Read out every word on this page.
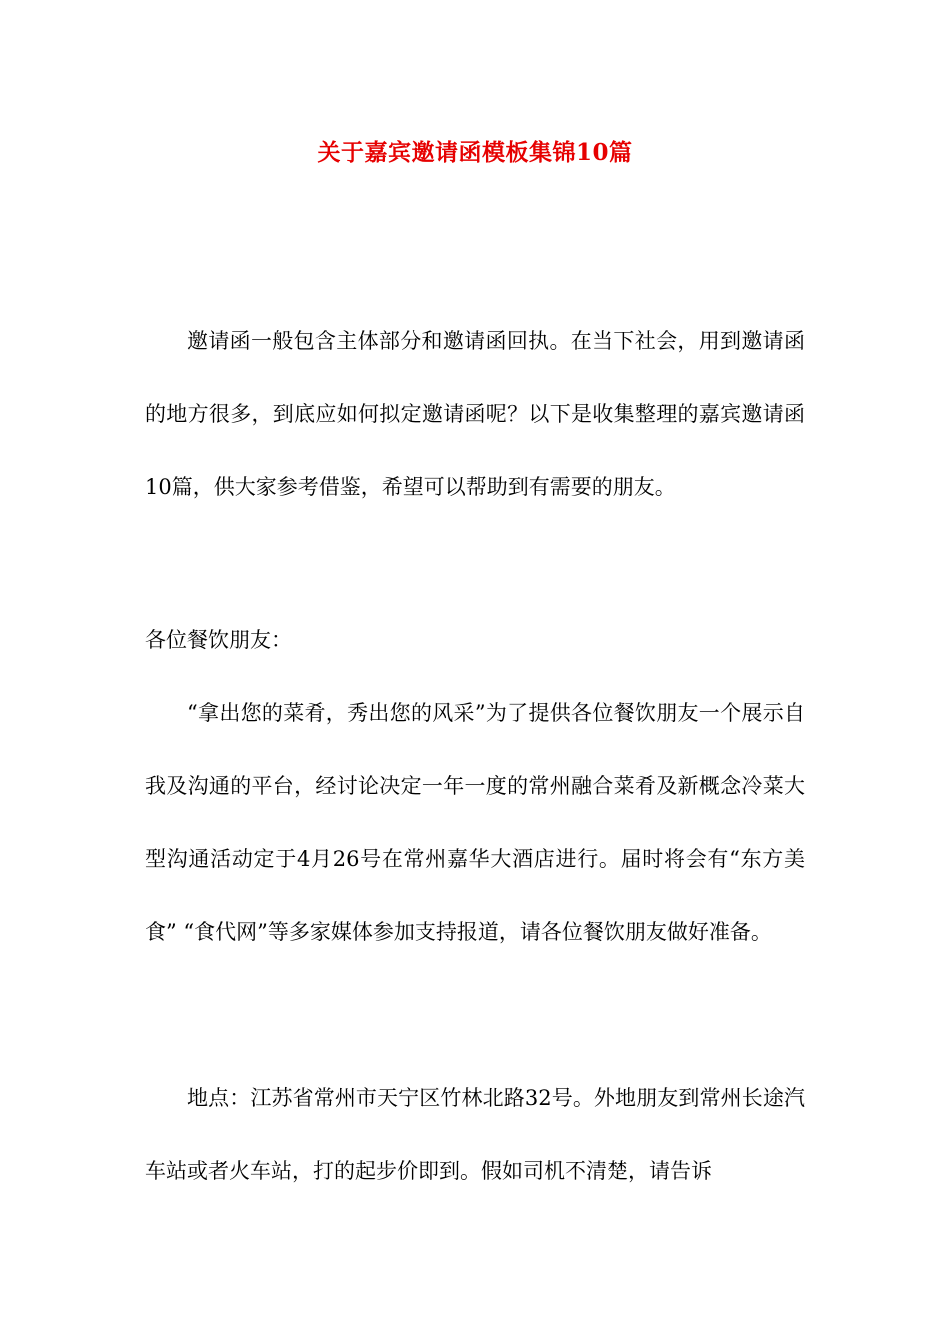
关于嘉宾邀请函模板集锦10篇
邀请函一般包含主体部分和邀请函回执。在当下社会，用到邀请函的地方很多，到底应如何拟定邀请函呢？以下是收集整理的嘉宾邀请函10篇，供大家参考借鉴，希望可以帮助到有需要的朋友。
各位餐饮朋友：
“拿出您的菜肴，秀出您的风采”为了提供各位餐饮朋友一个展示自我及沟通的平台，经讨论决定一年一度的常州融合菜肴及新概念冷菜大型沟通活动定于4月26号在常州嘉华大酒店进行。届时将会有“东方美食” “食代网”等多家媒体参加支持报道，请各位餐饮朋友做好准备。
地点：江苏省常州市天宁区竹林北路32号。外地朋友到常州长途汽车站或者火车站，打的起步价即到。假如司机不清楚，请告诉
